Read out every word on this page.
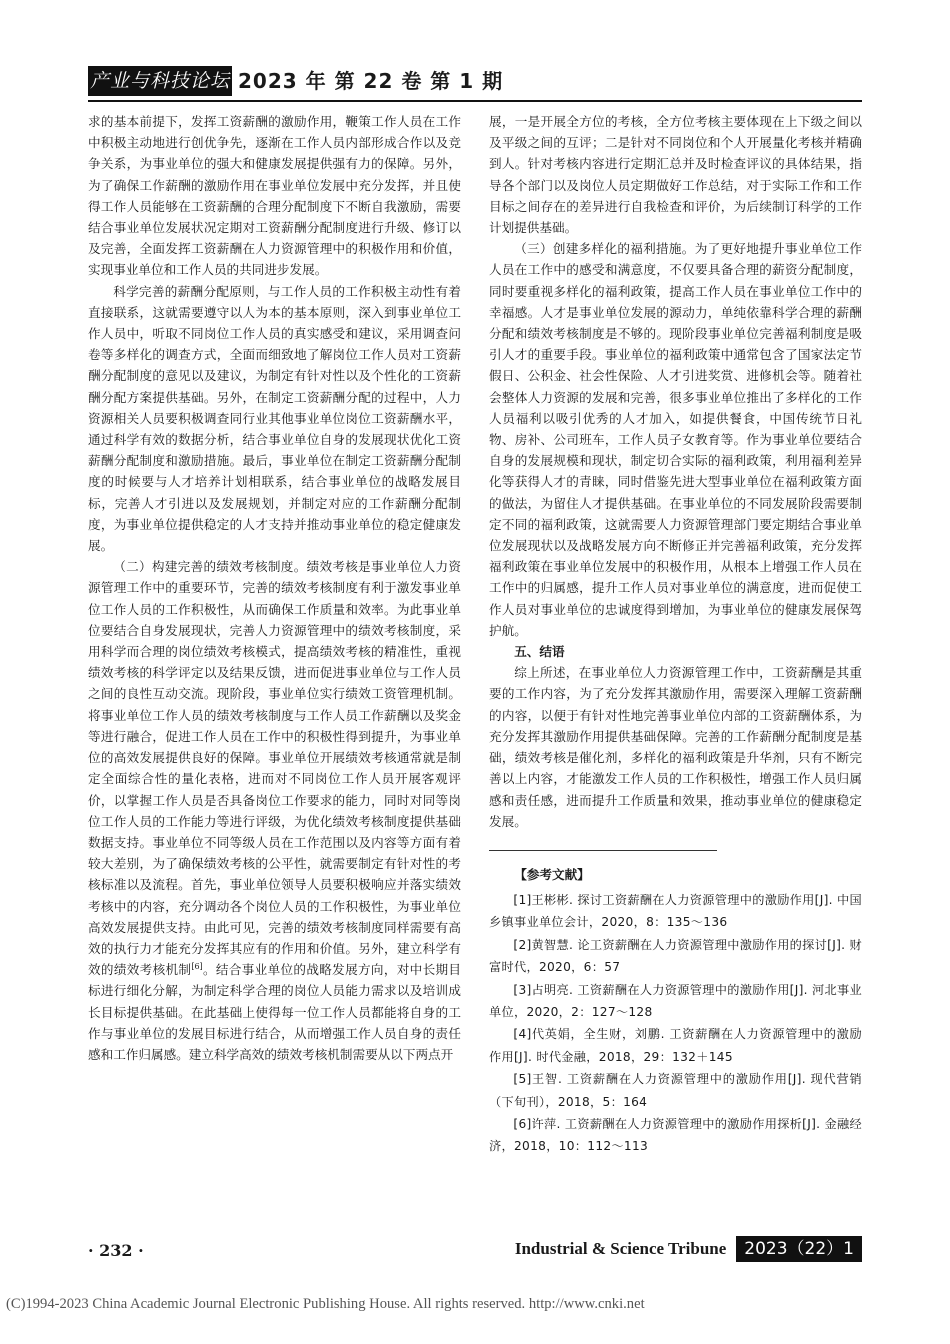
产业与科技论坛 2023 年 第 22 卷 第 1 期

求的基本前提下，发挥工资薪酬的激励作用，鞭策工作人员在工作中积极主动地进行创优争先，逐渐在工作人员内部形成合作以及竞争关系，为事业单位的强大和健康发展提供强有力的保障。另外，为了确保工作薪酬的激励作用在事业单位发展中充分发挥，并且使得工作人员能够在工资薪酬的合理分配制度下不断自我激励，需要结合事业单位发展状况定期对工资薪酬分配制度进行升级、修订以及完善，全面发挥工资薪酬在人力资源管理中的积极作用和价值，实现事业单位和工作人员的共同进步发展。

科学完善的薪酬分配原则，与工作人员的工作积极主动性有着直接联系，这就需要遵守以人为本的基本原则，深入到事业单位工作人员中，听取不同岗位工作人员的真实感受和建议，采用调查问卷等多样化的调查方式，全面而细致地了解岗位工作人员对工资薪酬分配制度的意见以及建议，为制定有针对性以及个性化的工资薪酬分配方案提供基础。另外，在制定工资薪酬分配的过程中，人力资源相关人员要积极调查同行业其他事业单位岗位工资薪酬水平，通过科学有效的数据分析，结合事业单位自身的发展现状优化工资薪酬分配制度和激励措施。最后，事业单位在制定工资薪酬分配制度的时候要与人才培养计划相联系，结合事业单位的战略发展目标，完善人才引进以及发展规划，并制定对应的工作薪酬分配制度，为事业单位提供稳定的人才支持并推动事业单位的稳定健康发展。

（二）构建完善的绩效考核制度。绩效考核是事业单位人力资源管理工作中的重要环节，完善的绩效考核制度有利于激发事业单位工作人员的工作积极性，从而确保工作质量和效率。为此事业单位要结合自身发展现状，完善人力资源管理中的绩效考核制度，采用科学而合理的岗位绩效考核模式，提高绩效考核的精准性，重视绩效考核的科学评定以及结果反馈，进而促进事业单位与工作人员之间的良性互动交流。现阶段，事业单位实行绩效工资管理机制。将事业单位工作人员的绩效考核制度与工作人员工作薪酬以及奖金等进行融合，促进工作人员在工作中的积极性得到提升，为事业单位的高效发展提供良好的保障。事业单位开展绩效考核通常就是制定全面综合性的量化表格，进而对不同岗位工作人员开展客观评价，以掌握工作人员是否具备岗位工作要求的能力，同时对同等岗位工作人员的工作能力等进行评级，为优化绩效考核制度提供基础数据支持。事业单位不同等级人员在工作范围以及内容等方面有着较大差别，为了确保绩效考核的公平性，就需要制定有针对性的考核标准以及流程。首先，事业单位领导人员要积极响应并落实绩效考核中的内容，充分调动各个岗位人员的工作积极性，为事业单位高效发展提供支持。由此可见，完善的绩效考核制度同样需要有高效的执行力才能充分发挥其应有的作用和价值。另外，建立科学有效的绩效考核机制[6]。结合事业单位的战略发展方向，对中长期目标进行细化分解，为制定科学合理的岗位人员能力需求以及培训成长目标提供基础。在此基础上使得每一位工作人员都能将自身的工作与事业单位的发展目标进行结合，从而增强工作人员自身的责任感和工作归属感。建立科学高效的绩效考核机制需要从以下两点开

展，一是开展全方位的考核，全方位考核主要体现在上下级之间以及平级之间的互评；二是针对不同岗位和个人开展量化考核并精确到人。针对考核内容进行定期汇总并及时检查评议的具体结果，指导各个部门以及岗位人员定期做好工作总结，对于实际工作和工作目标之间存在的差异进行自我检查和评价，为后续制订科学的工作计划提供基础。

（三）创建多样化的福利措施。为了更好地提升事业单位工作人员在工作中的感受和满意度，不仅要具备合理的薪资分配制度，同时要重视多样化的福利政策，提高工作人员在事业单位工作中的幸福感。人才是事业单位发展的源动力，单纯依靠科学合理的薪酬分配和绩效考核制度是不够的。现阶段事业单位完善福利制度是吸引人才的重要手段。事业单位的福利政策中通常包含了国家法定节假日、公积金、社会性保险、人才引进奖赏、进修机会等。随着社会整体人力资源的发展和完善，很多事业单位推出了多样化的工作人员福利以吸引优秀的人才加入，如提供餐食，中国传统节日礼物、房补、公司班车，工作人员子女教育等。作为事业单位要结合自身的发展规模和现状，制定切合实际的福利政策，利用福利差异化等获得人才的青睐，同时借鉴先进大型事业单位在福利政策方面的做法，为留住人才提供基础。在事业单位的不同发展阶段需要制定不同的福利政策，这就需要人力资源管理部门要定期结合事业单位发展现状以及战略发展方向不断修正并完善福利政策，充分发挥福利政策在事业单位发展中的积极作用，从根本上增强工作人员在工作中的归属感，提升工作人员对事业单位的满意度，进而促使工作人员对事业单位的忠诚度得到增加，为事业单位的健康发展保驾护航。

五、结语

综上所述，在事业单位人力资源管理工作中，工资薪酬是其重要的工作内容，为了充分发挥其激励作用，需要深入理解工资薪酬的内容，以便于有针对性地完善事业单位内部的工资薪酬体系，为充分发挥其激励作用提供基础保障。完善的工作薪酬分配制度是基础，绩效考核是催化剂，多样化的福利政策是升华剂，只有不断完善以上内容，才能激发工作人员的工作积极性，增强工作人员归属感和责任感，进而提升工作质量和效果，推动事业单位的健康稳定发展。

【参考文献】

[1]王彬彬. 探讨工资薪酬在人力资源管理中的激励作用[J]. 中国乡镇事业单位会计，2020，8：135～136

[2]黄智慧. 论工资薪酬在人力资源管理中激励作用的探讨[J]. 财富时代，2020，6：57

[3]占明亮. 工资薪酬在人力资源管理中的激励作用[J]. 河北事业单位，2020，2：127～128

[4]代英娟，全生财，刘鹏. 工资薪酬在人力资源管理中的激励作用[J]. 时代金融，2018，29：132＋145

[5]王智. 工资薪酬在人力资源管理中的激励作用[J]. 现代营销（下旬刊），2018，5：164

[6]许萍. 工资薪酬在人力资源管理中的激励作用探析[J]. 金融经济，2018，10：112～113

· 232 ·	Industrial & Science Tribune 2023（22）1
(C)1994-2023 China Academic Journal Electronic Publishing House. All rights reserved. http://www.cnki.net
